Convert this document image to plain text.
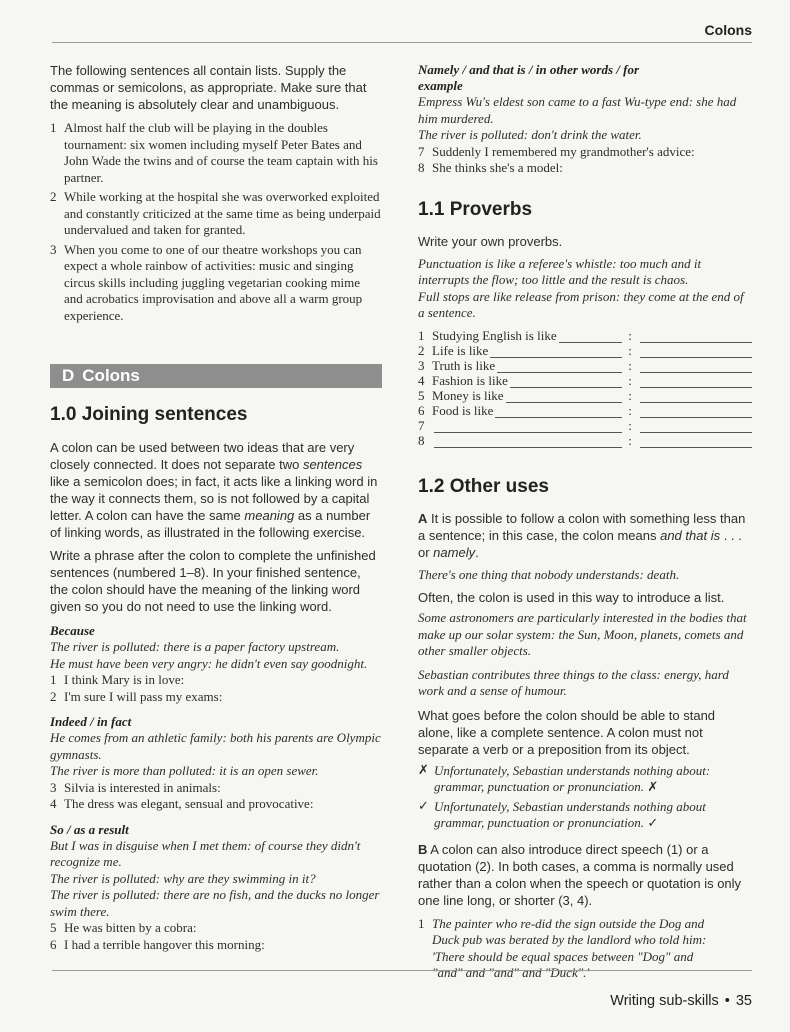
Colons

The following sentences all contain lists. Supply the commas or semicolons, as appropriate. Make sure that the meaning is absolutely clear and unambiguous.

1 Almost half the club will be playing in the doubles tournament: six women including myself Peter Bates and John Wade the twins and of course the team captain with his partner.
2 While working at the hospital she was overworked exploited and constantly criticized at the same time as being underpaid undervalued and taken for granted.
3 When you come to one of our theatre workshops you can expect a whole rainbow of activities: music and singing circus skills including juggling vegetarian cooking mime and acrobatics improvisation and above all a warm group experience.
D Colons
1.0 Joining sentences

A colon can be used between two ideas that are very closely connected. It does not separate two sentences like a semicolon does; in fact, it acts like a linking word in the way it connects them, so is not followed by a capital letter. A colon can have the same meaning as a number of linking words, as illustrated in the following exercise.

Write a phrase after the colon to complete the unfinished sentences (numbered 1–8). In your finished sentence, the colon should have the meaning of the linking word given so you do not need to use the linking word.

Because

The river is polluted: there is a paper factory upstream.

He must have been very angry: he didn't even say goodnight.

1 I think Mary is in love:
2 I'm sure I will pass my exams:
Indeed / in fact

He comes from an athletic family: both his parents are Olympic gymnasts.

The river is more than polluted: it is an open sewer.

3 Silvia is interested in animals:
4 The dress was elegant, sensual and provocative:
So / as a result

But I was in disguise when I met them: of course they didn't recognize me.

The river is polluted: why are they swimming in it?

The river is polluted: there are no fish, and the ducks no longer swim there.

5 He was bitten by a cobra:
6 I had a terrible hangover this morning:
Namely / and that is / in other words / for example

Empress Wu's eldest son came to a fast Wu-type end: she had him murdered.

The river is polluted: don't drink the water.

7 Suddenly I remembered my grandmother's advice:
8 She thinks she's a model:
1.1 Proverbs

Write your own proverbs.

Punctuation is like a referee's whistle: too much and it interrupts the flow; too little and the result is chaos.

Full stops are like release from prison: they come at the end of a sentence.

1 Studying English is like	:
2 Life is like	:
3 Truth is like	:
4 Fashion is like	:
5 Money is like	:
6 Food is like	:
7	:
8	:
1.2 Other uses

A It is possible to follow a colon with something less than a sentence; in this case, the colon means and that is . . . or namely.

There's one thing that nobody understands: death.

Often, the colon is used in this way to introduce a list.

Some astronomers are particularly interested in the bodies that make up our solar system: the Sun, Moon, planets, comets and other smaller objects.

Sebastian contributes three things to the class: energy, hard work and a sense of humour.

What goes before the colon should be able to stand alone, like a complete sentence. A colon must not separate a verb or a preposition from its object.

✗ Unfortunately, Sebastian understands nothing about: grammar, punctuation or pronunciation. ✗
✓ Unfortunately, Sebastian understands nothing about grammar, punctuation or pronunciation. ✓

B A colon can also introduce direct speech (1) or a quotation (2). In both cases, a comma is normally used rather than a colon when the speech or quotation is only one line long, or shorter (3, 4).

1 The painter who re-did the sign outside the Dog and Duck pub was berated by the landlord who told him: 'There should be equal spaces between "Dog" and "and" and "and" and "Duck".'
Writing sub-skills • 35
